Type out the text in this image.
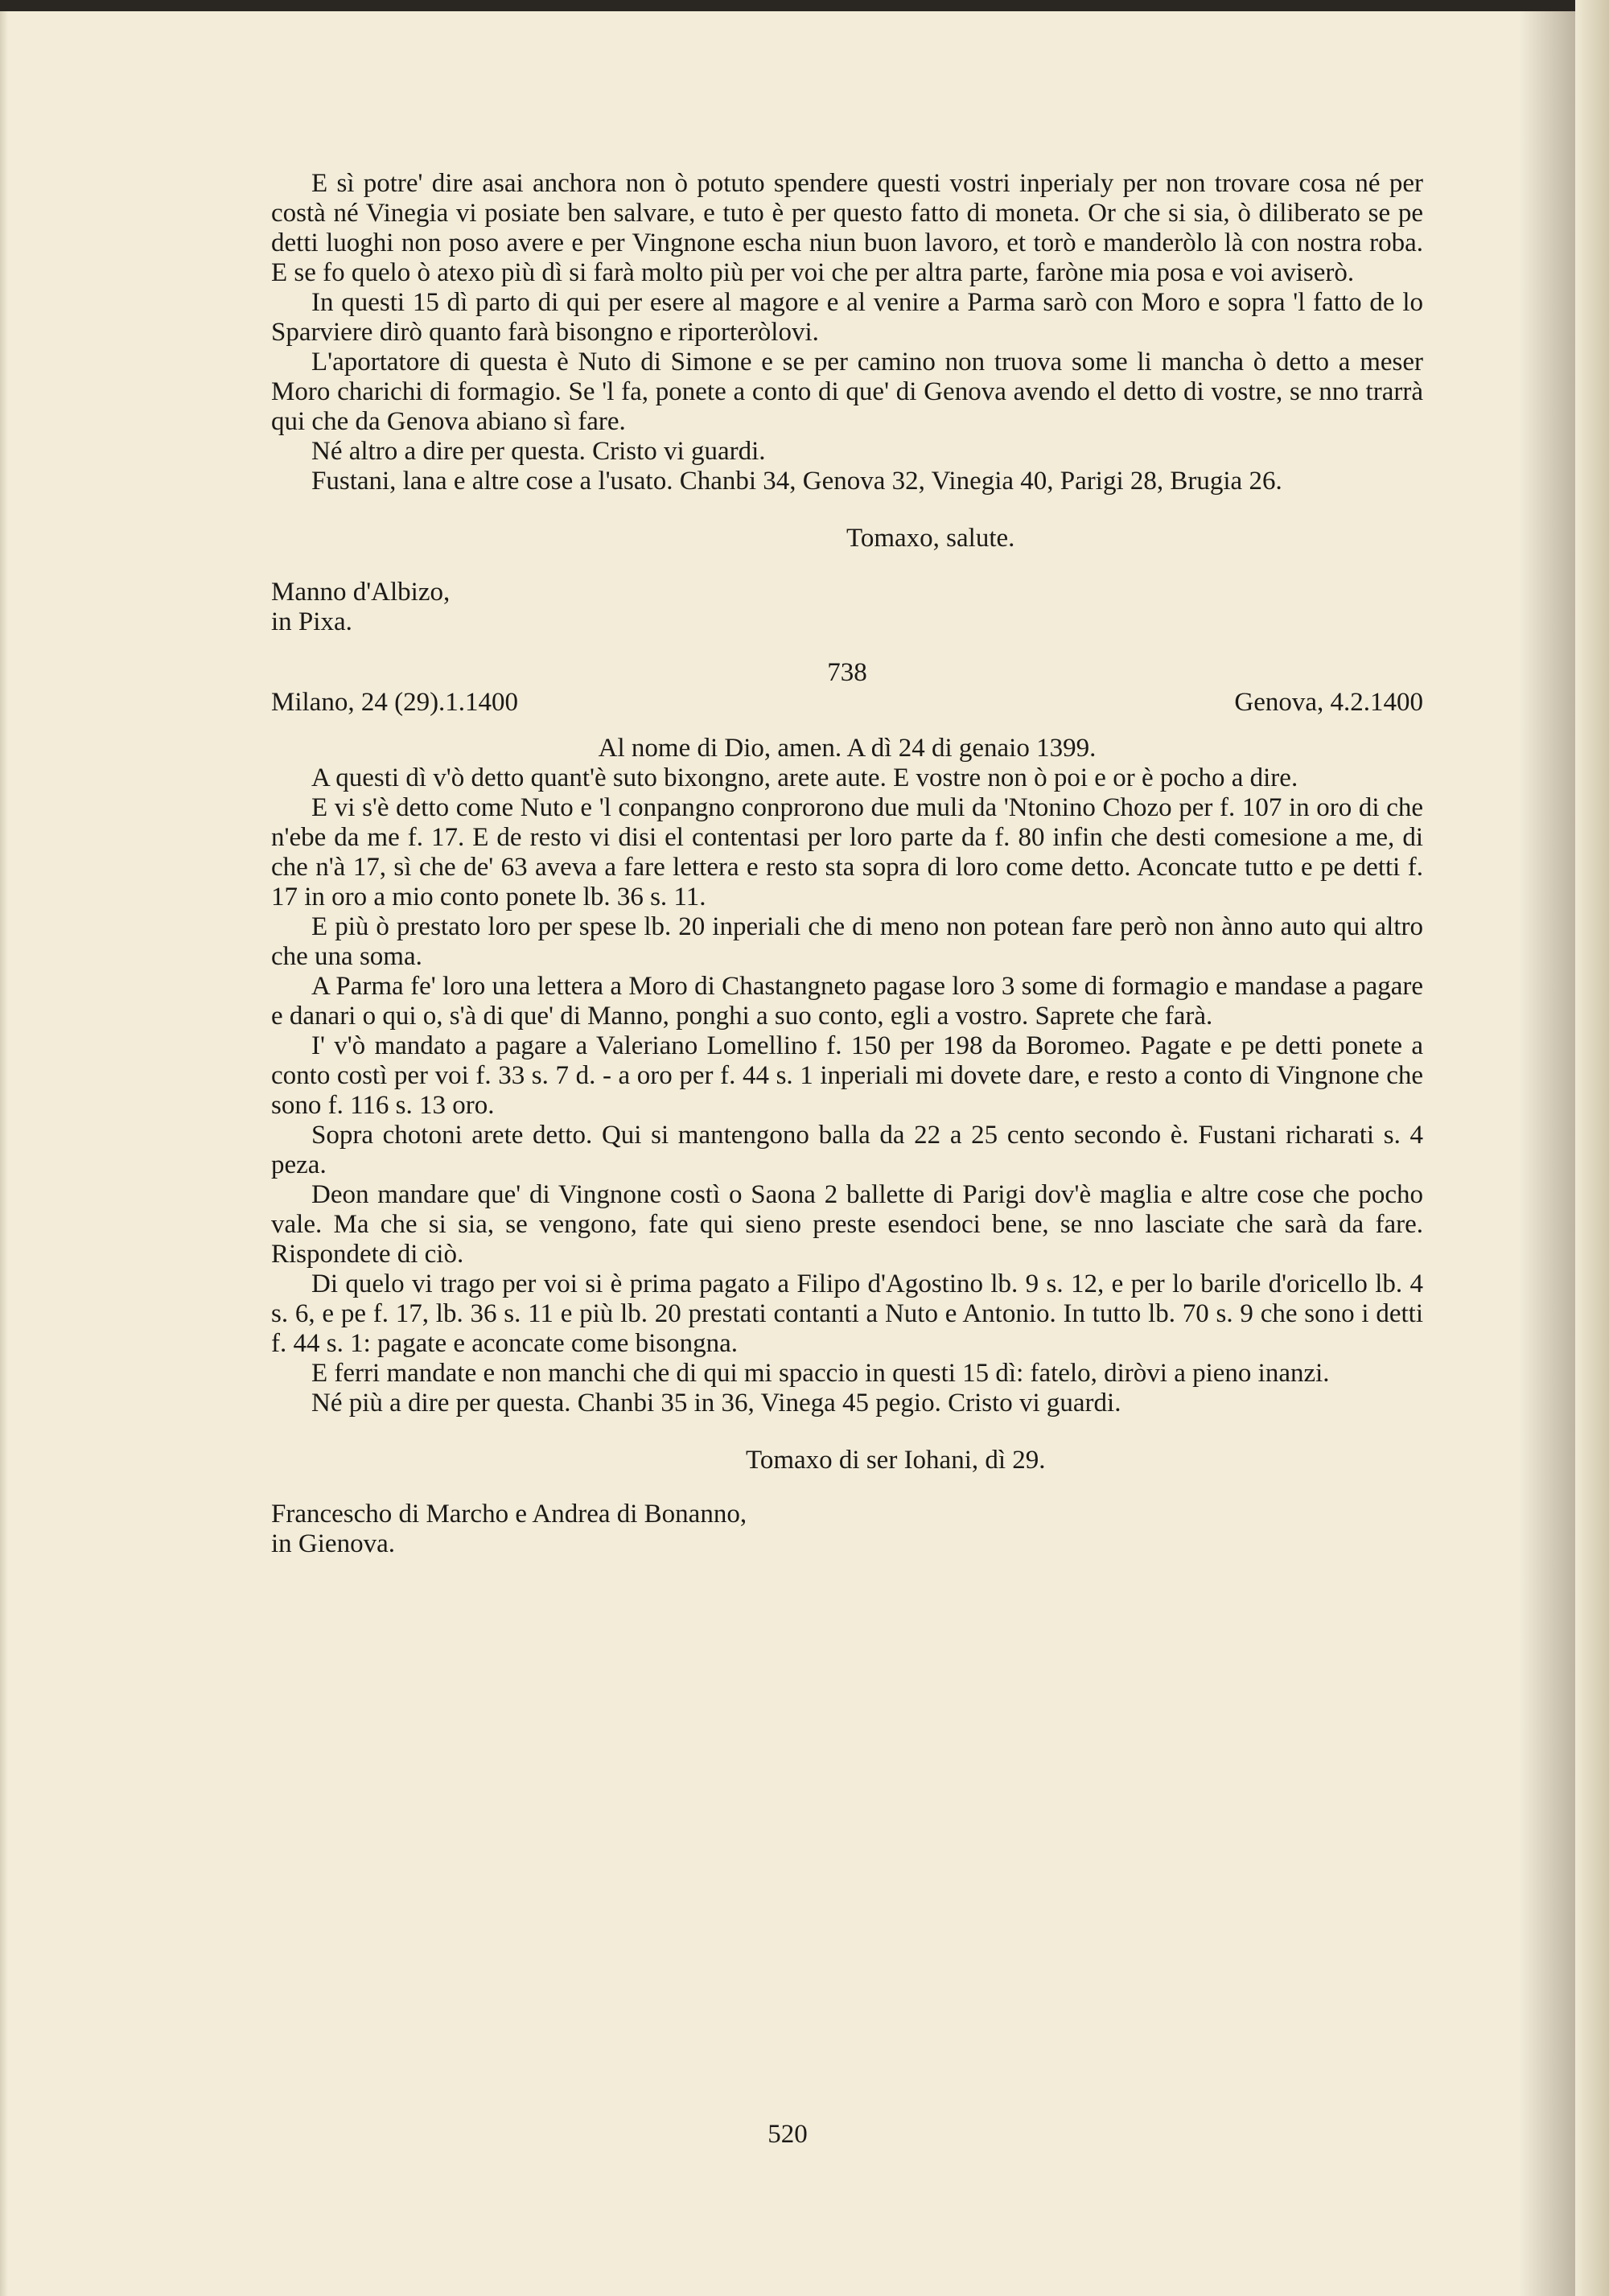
E sì potre' dire asai anchora non ò potuto spendere questi vostri inperialy per non trovare cosa né per costà né Vinegia vi posiate ben salvare, e tuto è per questo fatto di moneta. Or che si sia, ò diliberato se pe detti luoghi non poso avere e per Vingnone escha niun buon lavoro, et torò e manderòlo là con nostra roba. E se fo quelo ò atexo più dì si farà molto più per voi che per altra parte, faròne mia posa e voi aviserò.

In questi 15 dì parto di qui per esere al magore e al venire a Parma sarò con Moro e sopra 'l fatto de lo Sparviere dirò quanto farà bisongno e riporteròlovi.

L'aportatore di questa è Nuto di Simone e se per camino non truova some li mancha ò detto a meser Moro charichi di formagio. Se 'l fa, ponete a conto di que' di Genova avendo el detto di vostre, se nno trarrà qui che da Genova abiano sì fare.

Né altro a dire per questa. Cristo vi guardi.

Fustani, lana e altre cose a l'usato. Chanbi 34, Genova 32, Vinegia 40, Parigi 28, Brugia 26.

Tomaxo, salute.
Manno d'Albizo,
in Pixa.
738
Milano, 24 (29).1.1400	Genova, 4.2.1400
Al nome di Dio, amen. A dì 24 di genaio 1399.

A questi dì v'ò detto quant'è suto bixongno, arete aute. E vostre non ò poi e or è pocho a dire.

E vi s'è detto come Nuto e 'l conpangno conprorono due muli da 'Ntonino Chozo per f. 107 in oro di che n'ebe da me f. 17. E de resto vi disi el contentasi per loro parte da f. 80 infin che desti comesione a me, di che n'à 17, sì che de' 63 aveva a fare lettera e resto sta sopra di loro come detto. Aconcate tutto e pe detti f. 17 in oro a mio conto ponete lb. 36 s. 11.

E più ò prestato loro per spese lb. 20 inperiali che di meno non potean fare però non ànno auto qui altro che una soma.

A Parma fe' loro una lettera a Moro di Chastangneto pagase loro 3 some di formagio e mandase a pagare e danari o qui o, s'à di que' di Manno, ponghi a suo conto, egli a vostro. Saprete che farà.

I' v'ò mandato a pagare a Valeriano Lomellino f. 150 per 198 da Boromeo. Pagate e pe detti ponete a conto costì per voi f. 33 s. 7 d. - a oro per f. 44 s. 1 inperiali mi dovete dare, e resto a conto di Vingnone che sono f. 116 s. 13 oro.

Sopra chotoni arete detto. Qui si mantengono balla da 22 a 25 cento secondo è. Fustani richarati s. 4 peza.

Deon mandare que' di Vingnone costì o Saona 2 ballette di Parigi dov'è maglia e altre cose che pocho vale. Ma che si sia, se vengono, fate qui sieno preste esendoci bene, se nno lasciate che sarà da fare. Rispondete di ciò.

Di quelo vi trago per voi si è prima pagato a Filipo d'Agostino lb. 9 s. 12, e per lo barile d'oricello lb. 4 s. 6, e pe f. 17, lb. 36 s. 11 e più lb. 20 prestati contanti a Nuto e Antonio. In tutto lb. 70 s. 9 che sono i detti f. 44 s. 1: pagate e aconcate come bisongna.

E ferri mandate e non manchi che di qui mi spaccio in questi 15 dì: fatelo, diròvi a pieno inanzi.

Né più a dire per questa. Chanbi 35 in 36, Vinega 45 pegio. Cristo vi guardi.

Tomaxo di ser Iohani, dì 29.
Francescho di Marcho e Andrea di Bonanno,
in Gienova.
520
